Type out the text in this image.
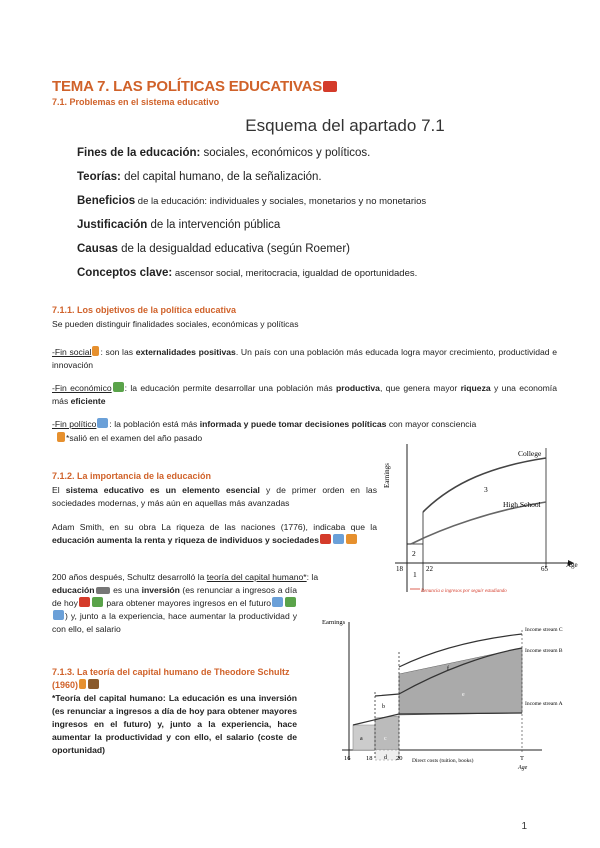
TEMA 7. LAS POLÍTICAS EDUCATIVAS
7.1. Problemas en el sistema educativo
Esquema del apartado 7.1
Fines de la educación: sociales, económicos y políticos.
Teorías: del capital humano, de la señalización.
Beneficios de la educación: individuales y sociales, monetarios y no monetarios
Justificación de la intervención pública
Causas de la desigualdad educativa (según Roemer)
Conceptos clave: ascensor social, meritocracia, igualdad de oportunidades.
7.1.1. Los objetivos de la política educativa
Se pueden distinguir finalidades sociales, económicas y políticas
-Fin social : son las externalidades positivas. Un país con una población más educada logra mayor crecimiento, productividad e innovación
-Fin económico : la educación permite desarrollar una población más productiva, que genera mayor riqueza y una economía más eficiente
-Fin político : la población está más informada y puede tomar decisiones políticas con mayor consciencia
*salió en el examen del año pasado
7.1.2. La importancia de la educación
El sistema educativo es un elemento esencial y de primer orden en las sociedades modernas, y más aún en aquellas más avanzadas
Adam Smith, en su obra La riqueza de las naciones (1776), indicaba que la educación aumenta la renta y riqueza de individuos y sociedades
200 años después, Schultz desarrolló la teoría del capital humano*: la
educación es una inversión (es renunciar a ingresos a día de hoy	para obtener mayores ingresos en el futuro) y, junto a la experiencia, hace aumentar la productividad y con ello, el salario
7.1.3. La teoría del capital humano de Theodore Schultz (1960)
*Teoría del capital humano: La educación es una inversión (es renunciar a ingresos a día de hoy para obtener mayores ingresos en el futuro) y, junto a la experiencia, hace aumentar la productividad y con ello, el salario (coste de oportunidad)
Earnings
College
High School
3
2
1
18	22	65	Age
Renuncia a ingresos por seguir estudiando
Earnings
Income stream C
Income stream B
Income stream A
a
b
c
d
e
f
16 18	20	T
Age
Direct costs (tuition, books)
1
